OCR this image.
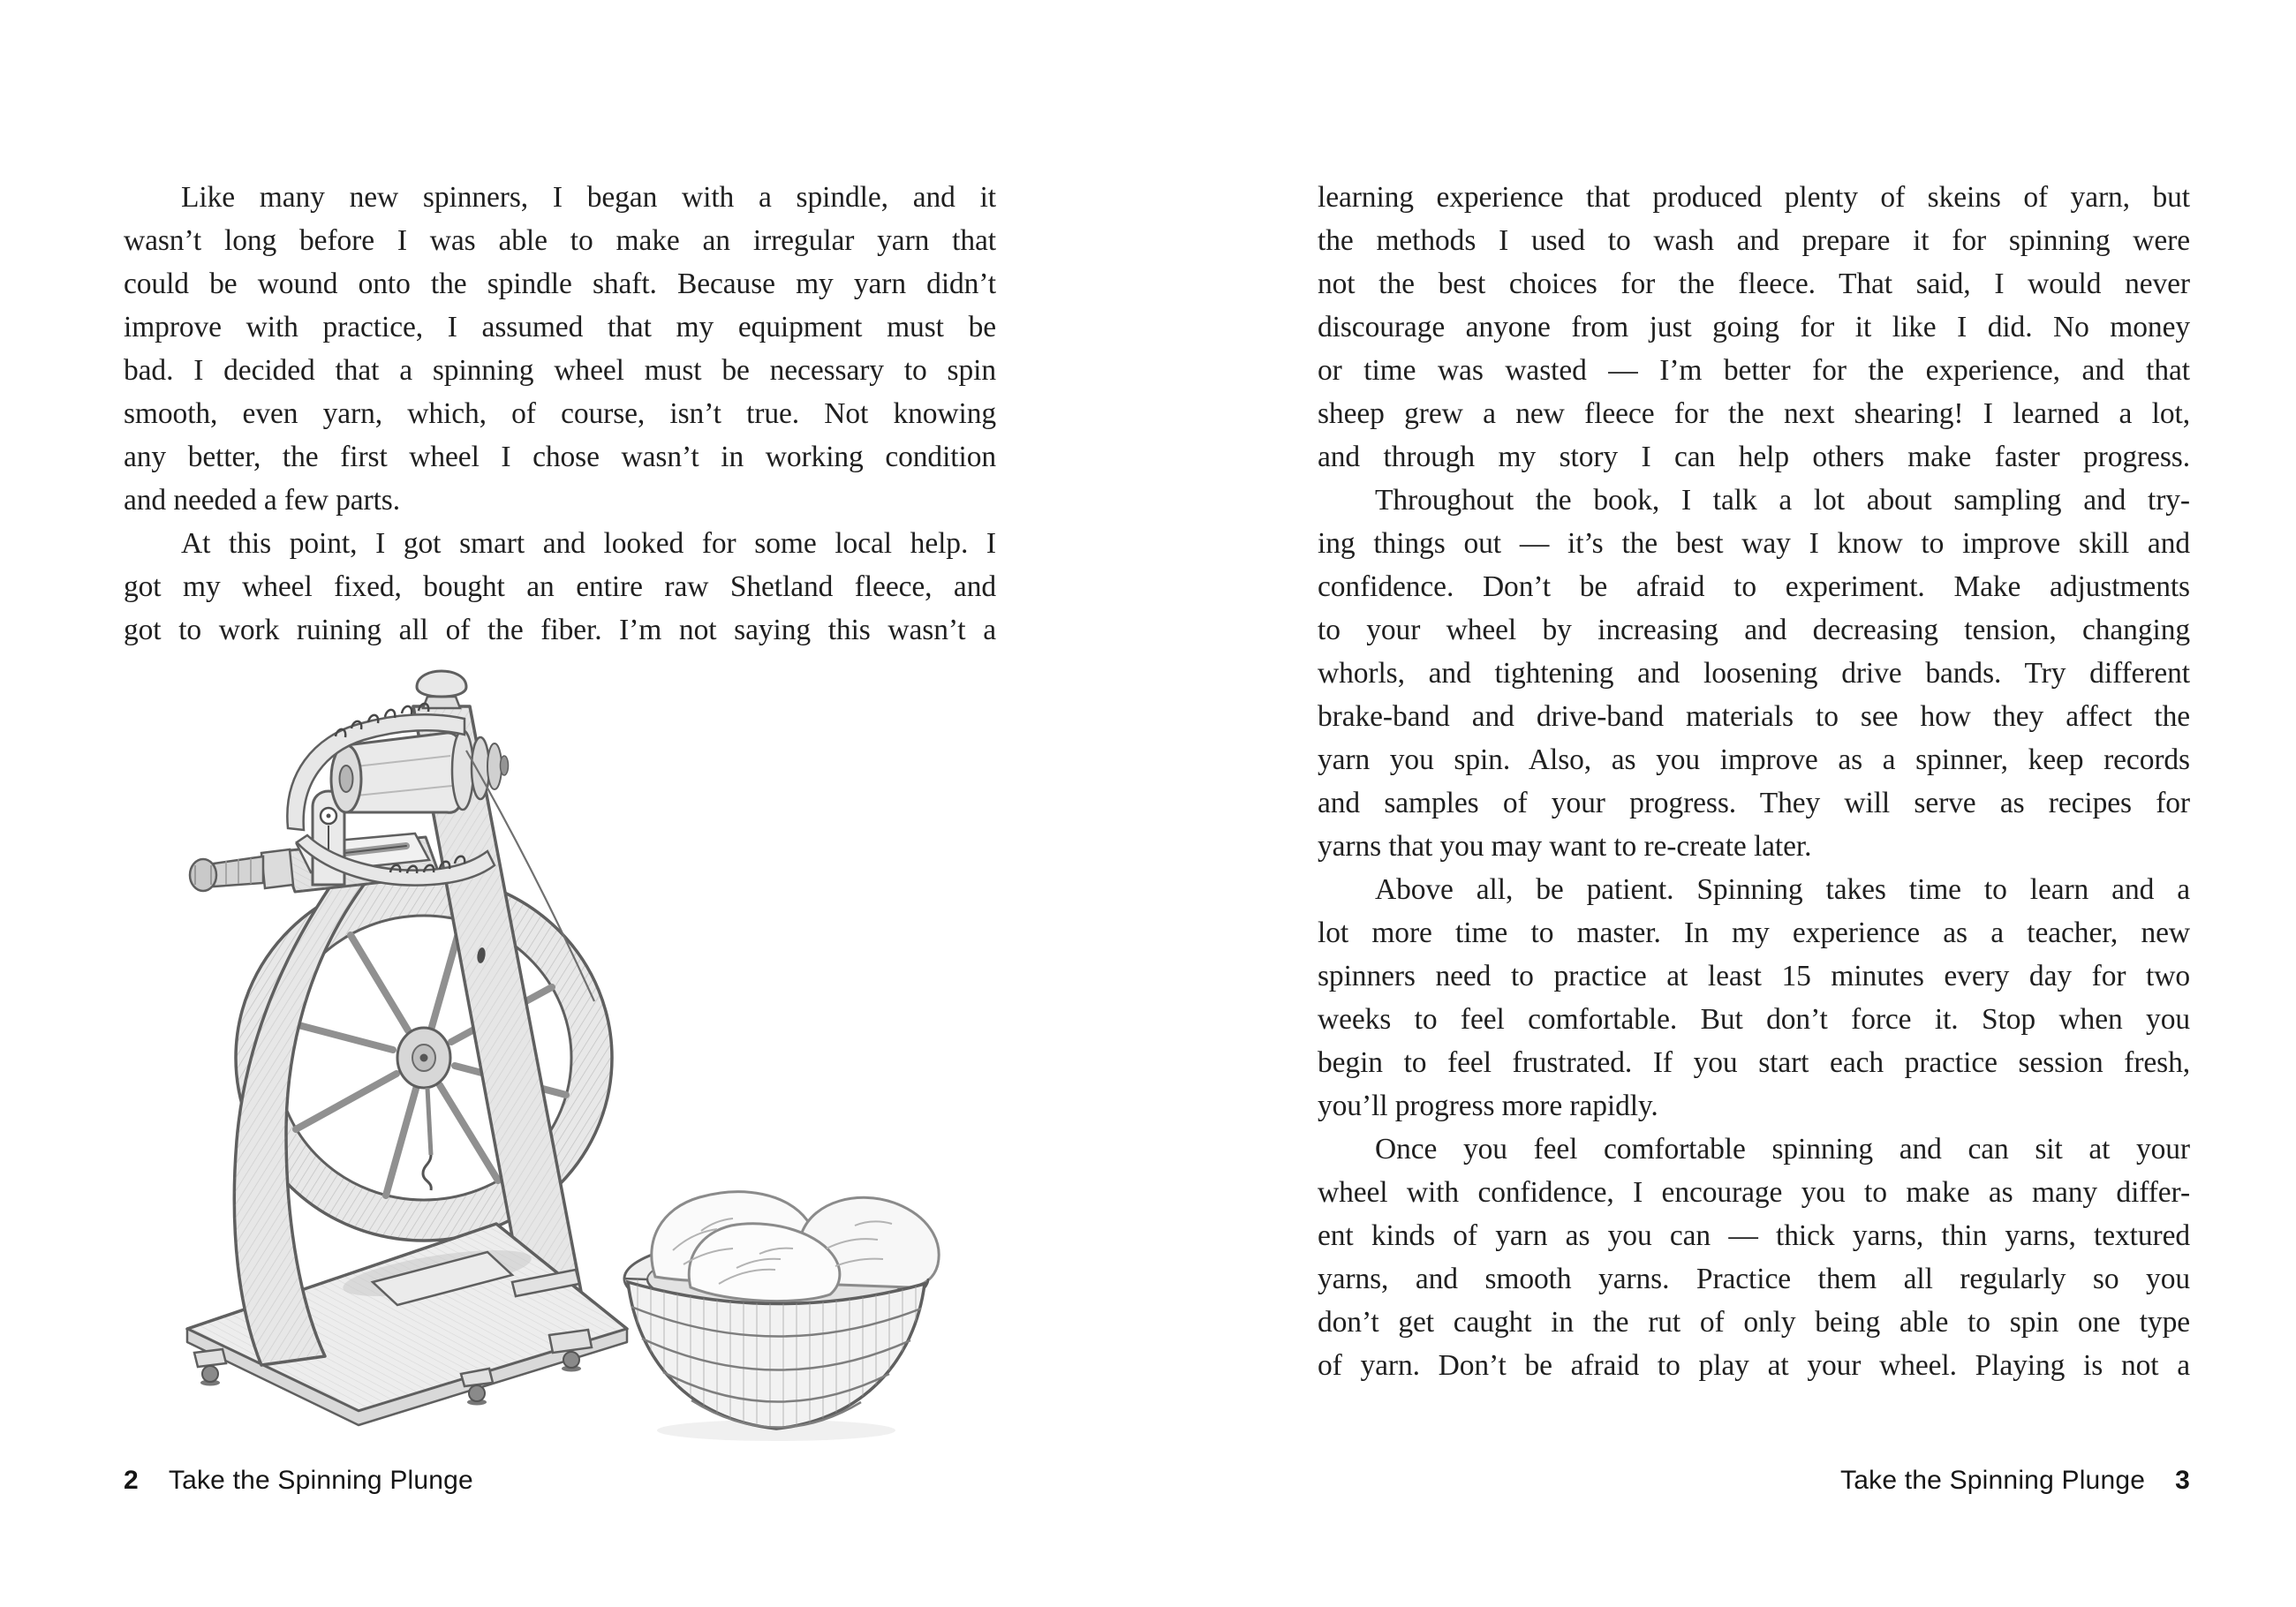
Like many new spinners, I began with a spindle, and it
wasn’t long before I was able to make an irregular yarn that
could be wound onto the spindle shaft. Because my yarn didn’t
improve with practice, I assumed that my equipment must be
bad. I decided that a spinning wheel must be necessary to spin
smooth, even yarn, which, of course, isn’t true. Not knowing
any better, the first wheel I chose wasn’t in working condition
and needed a few parts.
At this point, I got smart and looked for some local help. I
got my wheel fixed, bought an entire raw Shetland fleece, and
got to work ruining all of the fiber. I’m not saying this wasn’t a
learning experience that produced plenty of skeins of yarn, but
the methods I used to wash and prepare it for spinning were
not the best choices for the fleece. That said, I would never
discourage anyone from just going for it like I did. No money
or time was wasted — I’m better for the experience, and that
sheep grew a new fleece for the next shearing! I learned a lot,
and through my story I can help others make faster progress.
Throughout the book, I talk a lot about sampling and try-
ing things out — it’s the best way I know to improve skill and
confidence. Don’t be afraid to experiment. Make adjustments
to your wheel by increasing and decreasing tension, changing
whorls, and tightening and loosening drive bands. Try different
brake-band and drive-band materials to see how they affect the
yarn you spin. Also, as you improve as a spinner, keep records
and samples of your progress. They will serve as recipes for
yarns that you may want to re-create later.
Above all, be patient. Spinning takes time to learn and a
lot more time to master. In my experience as a teacher, new
spinners need to practice at least 15 minutes every day for two
weeks to feel comfortable. But don’t force it. Stop when you
begin to feel frustrated. If you start each practice session fresh,
you’ll progress more rapidly.
Once you feel comfortable spinning and can sit at your
wheel with confidence, I encourage you to make as many differ-
ent kinds of yarn as you can — thick yarns, thin yarns, textured
yarns, and smooth yarns. Practice them all regularly so you
don’t get caught in the rut of only being able to spin one type
of yarn. Don’t be afraid to play at your wheel. Playing is not a
2 Take the Spinning Plunge	Take the Spinning Plunge 3
